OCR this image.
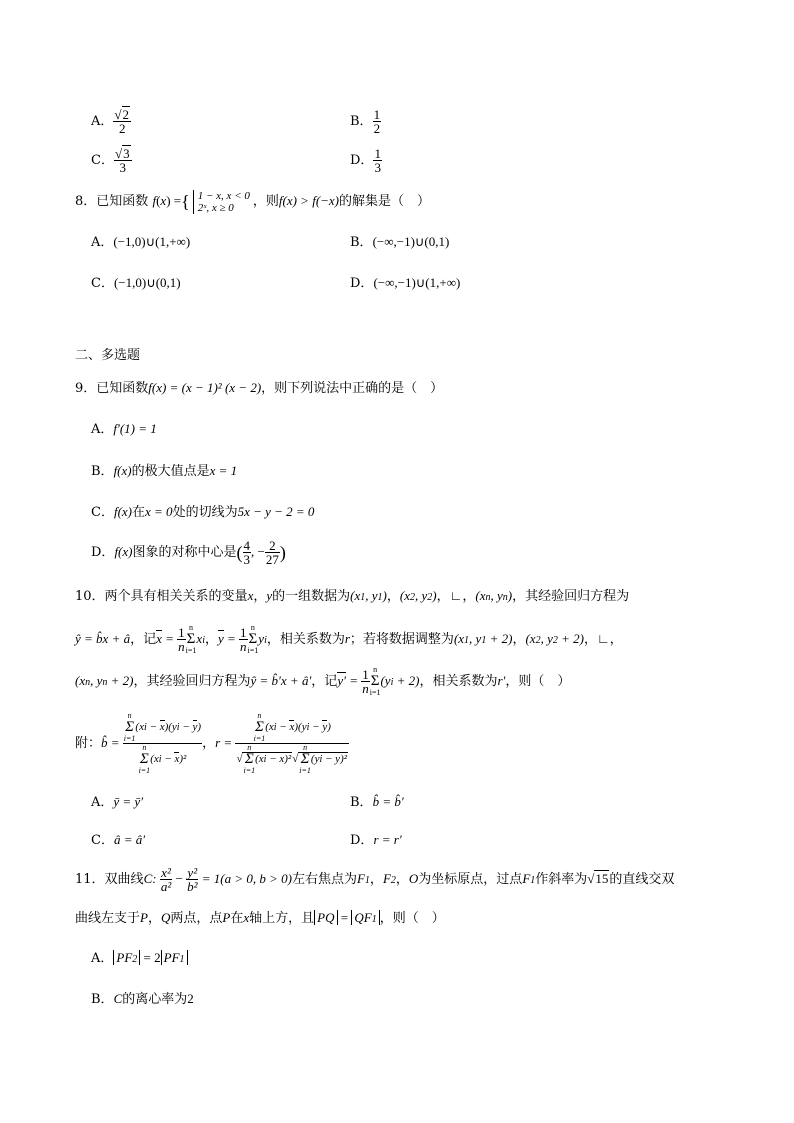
A． $\frac{√2}{2}$	B． $\frac{1}{2}$
C． $\frac{√3}{3}$	D． $\frac{1}{3}$
8．已知函数 f(x) ={ 1 − x, x < 0
2ˣ, x ≥ 0	，则f(x) > f(−x)的解集是（　）
A．(−1,0)∪(1,+∞)	B．(−∞,−1)∪(0,1)
C．(−1,0)∪(0,1)	D．(−∞,−1)∪(1,+∞)
二、多选题
9．已知函数f(x) = (x − 1)² (x − 2)，则下列说法中正确的是（　）
A．f′(1) = 1
B．f(x)的极大值点是x = 1
C．f(x)在x = 0处的切线为5x − y − 2 = 0
D．f(x)图象的对称中心是( $\frac{4}{3}$ , − $\frac{2}{27}$ )
10．两个具有相关关系的变量x，y的一组数据为(x1, y1)，(x2, y2)，∟，(xn, yn)，其经验回归方程为
ŷ = b̂x + â，记$x = \frac{1}{n}$ n
Σ
i=1xi，$y = \frac{1}{n}$ n
Σ
i=1yi，相关系数为r；若将数据调整为(x1, y1 + 2)，(x2, y2 + 2)，∟，
(xn, yn + 2)，其经验回归方程为ŷ = b̂′x + â′，记$y' = \frac{1}{n}$ n
Σ
i=1(yi + 2)，相关系数为r′，则（　）
附：b̂ = n
Σ
i=1(xi − x)(yi − y)
n
Σ
i=1(xi − x)² ，r = n
Σ
i=1(xi − x)(yi − y)
√n
Σ
i=1(xi − x)²√n
Σ
i=1(yi − y)²
A．ȳ = ȳ′	B．b̂ = b̂′
C．â = â′	D．r = r′
11．双曲线C: $\frac{\text{x²}}{\text{a²}} - \frac{\text{y²}}{\text{b²}} = 1(a > 0$, b > 0)左右焦点为F1，F2，O为坐标原点，过点F1作斜率为√15的直线交双
曲线左支于P，Q两点，点P在x轴上方，且 PQ = QF1 ，则（　）
A． PF2 = 2 PF1
B．C的离心率为2
